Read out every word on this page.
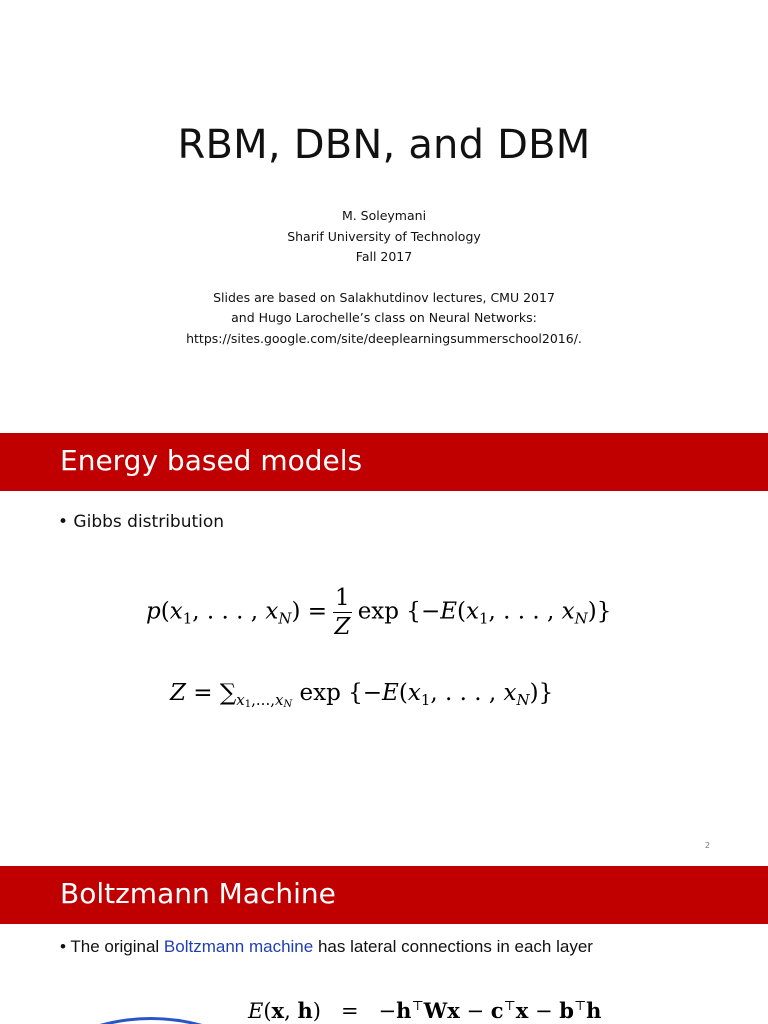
RBM, DBN, and DBM
M. Soleymani
Sharif University of Technology
Fall 2017
Slides are based on Salakhutdinov lectures, CMU 2017
and Hugo Larochelle’s class on Neural Networks:
https://sites.google.com/site/deeplearningsummerschool2016/.
Energy based models
• Gibbs distribution
$p(x_1$, . . . , $x_N) = \frac{1}{Z}$ $\exp \{-E(x_1$, . . . , $x_N$)}
$Z = \sum_{x1,...,xN}$ $\exp \{-E(x_1$, . . . , $x_N$)}
2
Boltzmann Machine
• The original Boltzmann machine has lateral connections in each layer
E(x, h)   =   −h⊤Wx − c⊤x − b⊤h
